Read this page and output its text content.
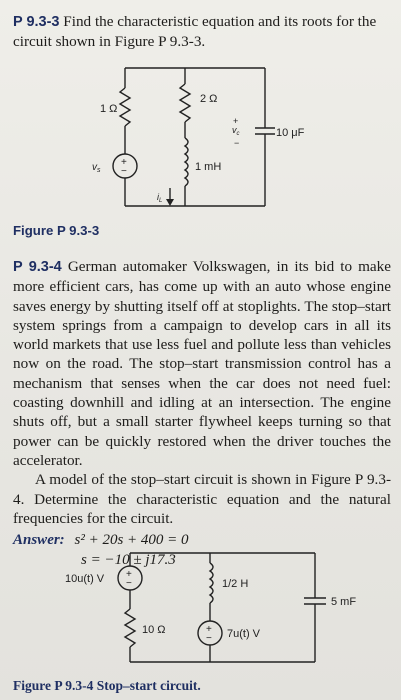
P 9.3-3 Find the characteristic equation and its roots for the circuit shown in Figure P 9.3-3.
1 Ω
2 Ω
10 μF
1 mH
+
−
$v_s$
+
$v_c$
−
$i_L$
Figure P 9.3-3
P 9.3-4 German automaker Volkswagen, in its bid to make more efficient cars, has come up with an auto whose engine saves energy by shutting itself off at stoplights. The stop–start system springs from a campaign to develop cars in all its world markets that use less fuel and pollute less than vehicles now on the road. The stop–start transmission control has a mechanism that senses when the car does not need fuel: coasting downhill and idling at an intersection. The engine shuts off, but a small starter flywheel keeps turning so that power can be quickly restored when the driver touches the accelerator.
A model of the stop–start circuit is shown in Figure P 9.3-4. Determine the characteristic equation and the natural frequencies for the circuit.
Answer: s² + 20s + 400 = 0
s = −10 ± j17.3
10u(t) V +
−
10 Ω
1/2 H
5 mF
+
− 7u(t) V
Figure P 9.3-4 Stop–start circuit.
